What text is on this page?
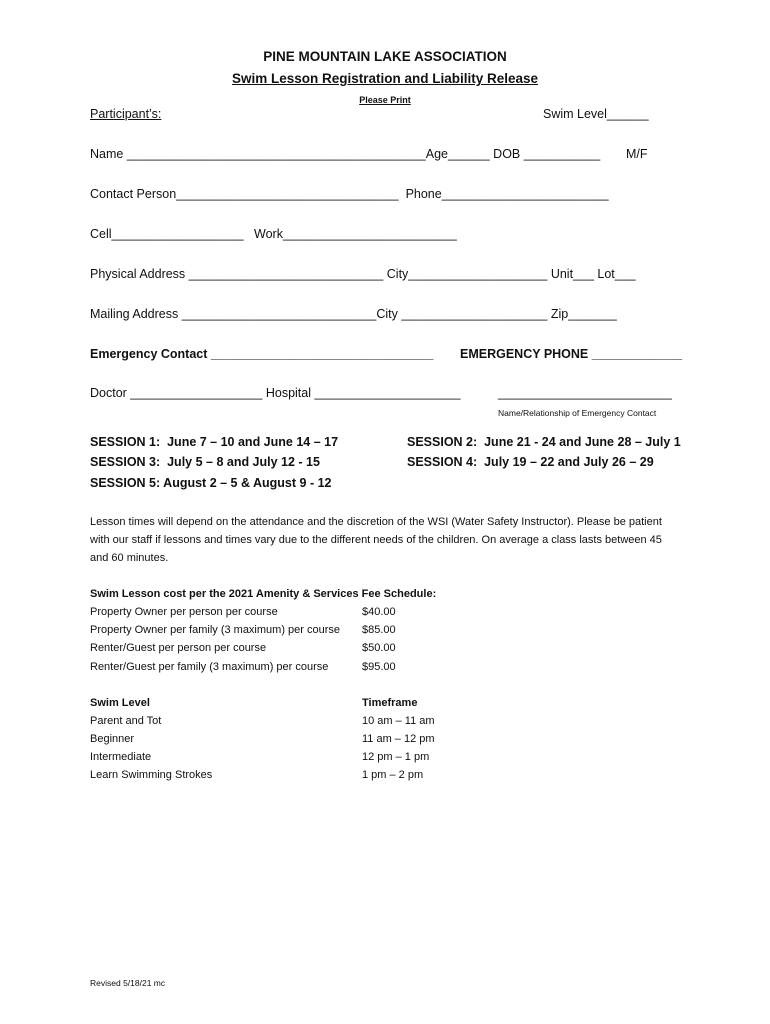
PINE MOUNTAIN LAKE ASSOCIATION
Swim Lesson Registration and Liability Release
Please Print
Participant’s:	Swim Level______
Name ___________________________________________Age______ DOB ___________ M/F
Contact Person________________________________  Phone________________________
Cell___________________   Work_________________________
Physical Address ____________________________ City____________________ Unit___ Lot___
Mailing Address ____________________________City _____________________ Zip_______
Emergency Contact ________________________________ EMERGENCY PHONE _____________
Doctor ___________________ Hospital _____________________	_________________________
Name/Relationship of Emergency Contact
SESSION 1:  June 7 – 10 and June 14 – 17	SESSION 2:  June 21 - 24 and June 28 – July 1
SESSION 3:  July 5 – 8 and July 12 - 15	SESSION 4:  July 19 – 22 and July 26 – 29
SESSION 5: August 2 – 5 & August 9 - 12
Lesson times will depend on the attendance and the discretion of the WSI (Water Safety Instructor). Please be patient with our staff if lessons and times vary due to the different needs of the children. On average a class lasts between 45 and 60 minutes.
Swim Lesson cost per the 2021 Amenity & Services Fee Schedule:
Property Owner per person per course	$40.00
Property Owner per family (3 maximum) per course $85.00
Renter/Guest per person per course	$50.00
Renter/Guest per family (3 maximum) per course	$95.00
Swim Level	Timeframe
Parent and Tot	10 am – 11 am
Beginner	11 am – 12 pm
Intermediate	12 pm – 1 pm
Learn Swimming Strokes	1 pm – 2 pm
Revised 5/18/21 mc
